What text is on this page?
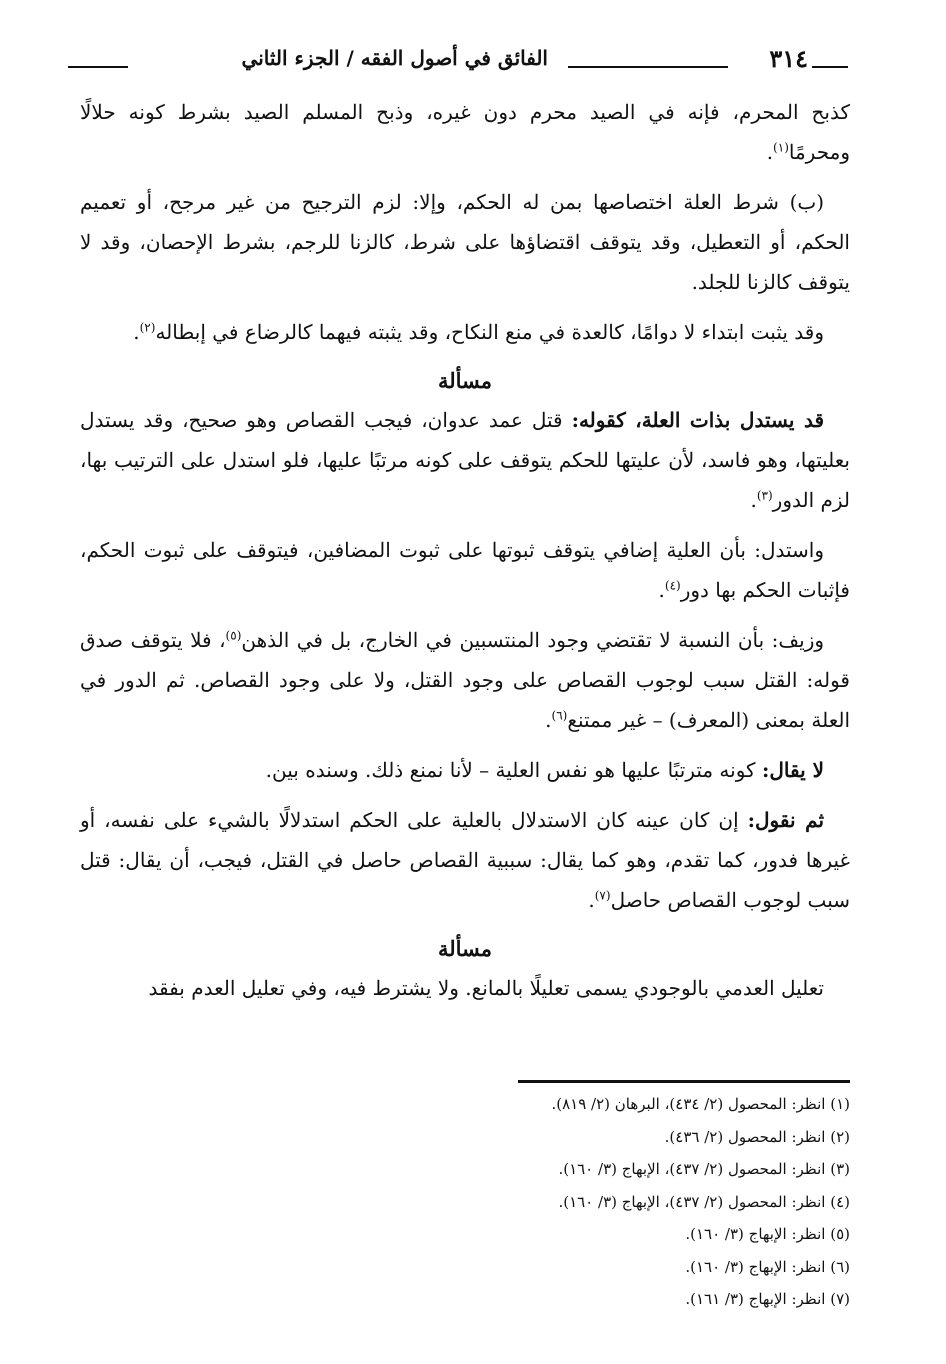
٣١٤
الفائق في أصول الفقه / الجزء الثاني

كذبح المحرم، فإنه في الصيد محرم دون غيره، وذبح المسلم الصيد بشرط كونه حلالًا ومحرمًا$^{(١)}$.

(ب) شرط العلة اختصاصها بمن له الحكم، وإلا: لزم الترجيح من غير مرجح، أو تعميم الحكم، أو التعطيل، وقد يتوقف اقتضاؤها على شرط، كالزنا للرجم، بشرط الإحصان، وقد لا يتوقف كالزنا للجلد.

وقد يثبت ابتداء لا دوامًا، كالعدة في منع النكاح، وقد يثبته فيهما كالرضاع في إبطاله$^{(٢)}$.

مسألة

قد يستدل بذات العلة، كقوله: قتل عمد عدوان، فيجب القصاص وهو صحيح، وقد يستدل بعليتها، وهو فاسد، لأن عليتها للحكم يتوقف على كونه مرتبًا عليها، فلو استدل على الترتيب بها، لزم الدور$^{(٣)}$.

واستدل: بأن العلية إضافي يتوقف ثبوتها على ثبوت المضافين، فيتوقف على ثبوت الحكم، فإثبات الحكم بها دور$^{(٤)}$.

وزيف: بأن النسبة لا تقتضي وجود المنتسبين في الخارج، بل في الذهن$^{(٥)}$، فلا يتوقف صدق قوله: القتل سبب لوجوب القصاص على وجود القتل، ولا على وجود القصاص. ثم الدور في العلة بمعنى (المعرف) – غير ممتنع$^{(٦)}$.

لا يقال: كونه مترتبًا عليها هو نفس العلية – لأنا نمنع ذلك. وسنده بين.

ثم نقول: إن كان عينه كان الاستدلال بالعلية على الحكم استدلالًا بالشيء على نفسه، أو غيرها فدور، كما تقدم، وهو كما يقال: سببية القصاص حاصل في القتل، فيجب، أن يقال: قتل سبب لوجوب القصاص حاصل$^{(٧)}$.

مسألة

تعليل العدمي بالوجودي يسمى تعليلًا بالمانع. ولا يشترط فيه، وفي تعليل العدم بفقد

(١) انظر: المحصول (٢/ ٤٣٤)، البرهان (٢/ ٨١٩).
(٢) انظر: المحصول (٢/ ٤٣٦).
(٣) انظر: المحصول (٢/ ٤٣٧)، الإبهاج (٣/ ١٦٠).
(٤) انظر: المحصول (٢/ ٤٣٧)، الإبهاج (٣/ ١٦٠).
(٥) انظر: الإبهاج (٣/ ١٦٠).
(٦) انظر: الإبهاج (٣/ ١٦٠).
(٧) انظر: الإبهاج (٣/ ١٦١).
